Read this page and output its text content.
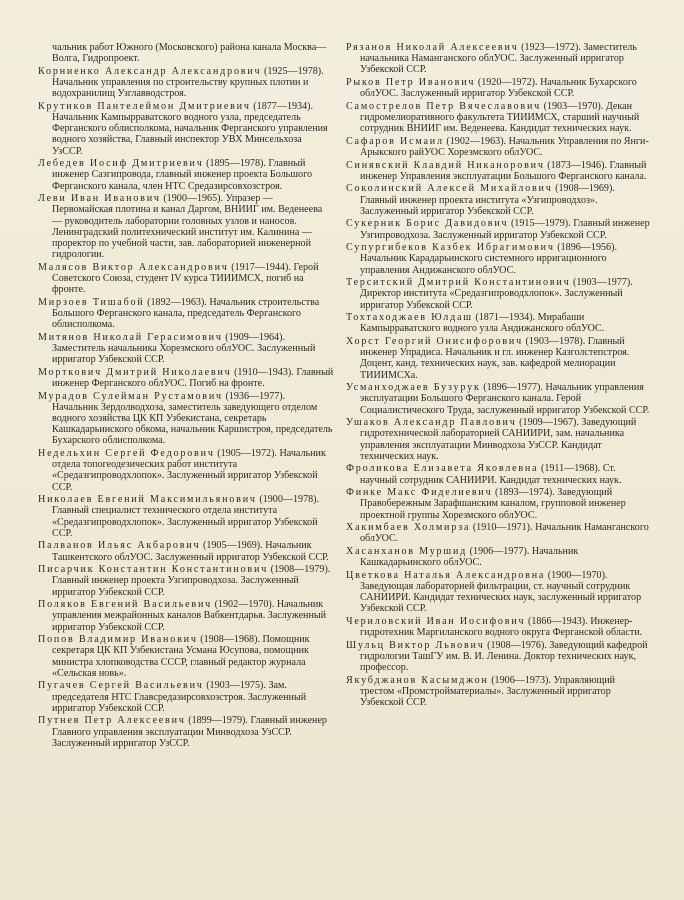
чальник работ Южного (Московского) района канала Москва—Волга, Гидропроект.

Корниенко Александр Александрович (1925—1978). Начальник управления по строительству крупных плотин и водохранилищ Узглавводстроя.

Крутиков Пантелеймон Дмитриевич (1877—1934). Начальник Кампырраватского водного узла, председатель Ферганского облисполкома, начальник Ферганского управления водного хозяйства, Главный инспектор УВХ Минсельхоза УзССР.

Лебедев Иосиф Дмитриевич (1895—1978). Главный инженер Сазгипровода, главный инженер проекта Большого Ферганского канала, член НТС Средазирсовхозстроя.

Леви Иван Иванович (1900—1965). Упразер — Первомайская плотина и канал Даргом, ВНИИГ им. Веденеева — руководитель лаборатории головных узлов и наносов. Ленинградский политехнический институт им. Калинина — проректор по учебной части, зав. лабораторией инженерной гидрологии.

Малясов Виктор Александрович (1917—1944). Герой Советского Союза, студент IV курса ТИИИМСХ, погиб на фронте.

Мирзоев Тишабой (1892—1963). Начальник строительства Большого Ферганского канала, председатель Ферганского облисполкома.

Митянов Николай Герасимович (1909—1964). Заместитель начальника Хорезмского облУОС. Заслуженный ирригатор Узбекской ССР.

Морткович Дмитрий Николаевич (1910—1943). Главный инженер Ферганского облУОС. Погиб на фронте.

Мурадов Сулейман Рустамович (1936—1977). Начальник Зердолводхоза, заместитель заведующего отделом водного хозяйства ЦК КП Узбекистана, секретарь Кашкадарьинского обкома, начальник Каршистроя, председатель Бухарского облисполкома.

Недельхин Сергей Федорович (1905—1972). Начальник отдела топогеодезических работ института «Средазгипроводхлопок». Заслуженный ирригатор Узбекской ССР.

Николаев Евгений Максимильянович (1900—1978). Главный специалист технического отдела института «Средазгипроводхлопок». Заслуженный ирригатор Узбекской ССР.

Палванов Ильяс Акбарович (1905—1969). Начальник Ташкентского облУОС. Заслуженный ирригатор Узбекской ССР.

Писарчик Константин Константинович (1908—1979). Главный инженер проекта Узгипроводхоза. Заслуженный ирригатор Узбекской ССР.

Поляков Евгений Васильевич (1902—1970). Начальник управления межрайонных каналов Вабкентдарья. Заслуженный ирригатор Узбекской ССР.

Попов Владимир Иванович (1908—1968). Помощник секретаря ЦК КП Узбекистана Усмана Юсупова, помощник министра хлопководства СССР, главный редактор журнала «Сельская новь».

Пугачев Сергей Васильевич (1903—1975). Зам. председателя НТС Главсредазирсовхозстроя. Заслуженный ирригатор Узбекской ССР.

Путнев Петр Алексеевич (1899—1979). Главный инженер Главного управления эксплуатации Минводхоза УзССР. Заслуженный ирригатор УзССР.

Рязанов Николай Алексеевич (1923—1972). Заместитель начальника Наманганского облУОС. Заслуженный ирригатор Узбекской ССР.

Рыков Петр Иванович (1920—1972). Начальник Бухарского облУОС. Заслуженный ирригатор Узбекской ССР.

Самострелов Петр Вячеславович (1903—1970). Декан гидромелиоративного факультета ТИИИМСХ, старший научный сотрудник ВНИИГ им. Веденеева. Кандидат технических наук.

Сафаров Исмаил (1902—1963). Начальник Управления по Янги-Арыкского райУОС Хорезмского облУОС.

Синявский Клавдий Никанорович (1873—1946). Главный инженер Управления эксплуатации Большого Ферганского канала.

Соколинский Алексей Михайлович (1908—1969). Главный инженер проекта института «Узгипроводхоз». Заслуженный ирригатор Узбекской ССР.

Сукерник Борис Давидович (1915—1979). Главный инженер Узгипроводхоза. Заслуженный ирригатор Узбекской ССР.

Супургибеков Казбек Ибрагимович (1896—1956). Начальник Карадарьинского системного ирригационного управления Андижанского облУОС.

Терситский Дмитрий Константинович (1903—1977). Директор института «Средазгипроводхлопок». Заслуженный ирригатор Узбекской ССР.

Тохтаходжаев Юлдаш (1871—1934). Мирабаши Кампырраватского водного узла Андижанского облУОС.

Хорст Георгий Онисифорович (1903—1978). Главный инженер Упрадиса. Начальник и гл. инженер Казголстепстроя. Доцент, канд. технических наук, зав. кафедрой мелиорации ТИИИМСХа.

Усманходжаев Бузурук (1896—1977). Начальник управления эксплуатации Большого Ферганского канала. Герой Социалистического Труда, заслуженный ирригатор Узбекской ССР.

Ушаков Александр Павлович (1909—1967). Заведующий гидротехнической лабораторией САНИИРИ, зам. начальника управления эксплуатации Минводхоза УзССР. Кандидат технических наук.

Фроликова Елизавета Яковлевна (1911—1968). Ст. научный сотрудник САНИИРИ. Кандидат технических наук.

Финке Макс Фиделиевич (1893—1974). Заведующий Правобережным Зарафшанским каналом, групповой инженер проектной группы Хорезмского облУОС.

Хакимбаев Холмирза (1910—1971). Начальник Наманганского облУОС.

Хасанханов Муршид (1906—1977). Начальник Кашкадарьинского облУОС.

Цветкова Наталья Александровна (1900—1970). Заведующая лабораторией фильтрации, ст. научный сотрудник САНИИРИ. Кандидат технических наук, заслуженный ирригатор Узбекской ССР.

Чериловский Иван Иосифович (1866—1943). Инженер-гидротехник Маргиланского водного округа Ферганской области.

Шульц Виктор Львович (1908—1976). Заведующий кафедрой гидрологии ТашГУ им. В. И. Ленина. Доктор технических наук, профессор.

Якубджанов Касымджон (1906—1973). Управляющий трестом «Промстройматериалы». Заслуженный ирригатор Узбекской ССР.
